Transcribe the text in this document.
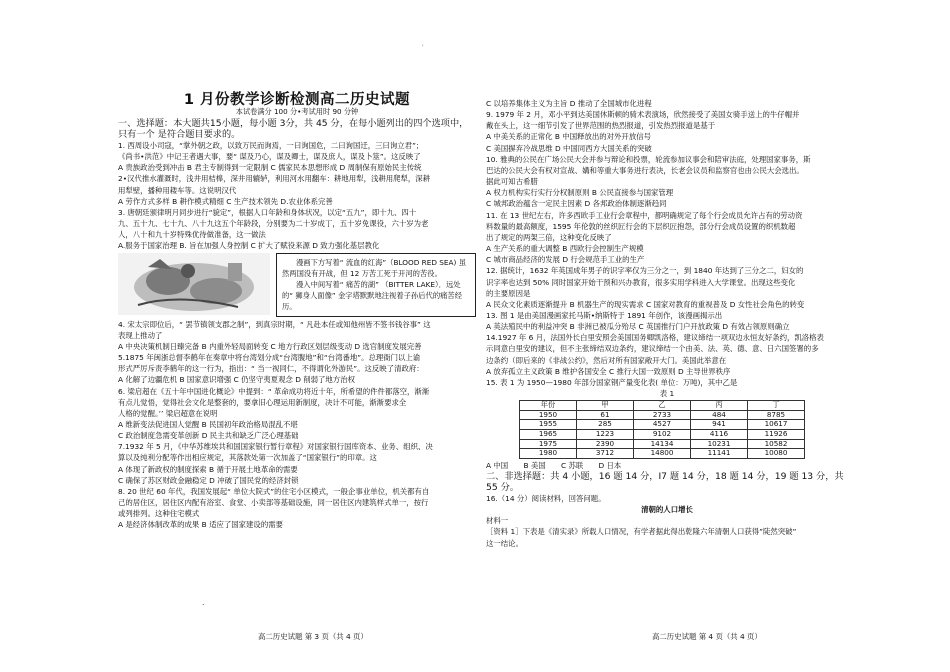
'
1 月份教学诊断检测高二历史试题
本试卷满分 100 分•考试用时 90 分钟

一、选择题：本大题共15小题，每小题 3分，共 45 分，在每小题列出的四个选项中，只有一个 是符合题目要求的。

1. 西周设小司寇，“掌外朝之政，以致万民而询焉，一曰询国危，二曰询国迁，三曰询立君”；

《尚书•洪范》中记王者遇大事，要“ 谋及乃心，谋及卿士，谋及庶人，谋及卜筮”。这反映了

A 贵族政治受到冲击 B 君主专制得到一定限制 C 儒家民本思想形成 D 周制保有原始民主传统

2•汉代推水灌溉时，浅井用桔槔，深井用辘轳，利用河水用翻车：耕地用犁，浅耕用爬犁，深耕

用犁壁，播种用耧车等。这说明汉代

A 劳作方式多样 B 耕作模式精细 C 生产技术领先 D.农业体系完善

3. 唐朝廷颁律明月同步进行“貌定”，根据人口年龄和身体状况，以定“五九”，即十九、四十

九、五十九、七十九、八十九这五个年龄段，分别要为二十岁成丁，五十岁免课役，六十岁为老

人，八十和九十岁特殊优待做准备，这一做法

A.服务于国家治理 B. 旨在加强人身控制 C 扩大了赋役来源 D 致力强化基层教化

漫画下方写着“ 流血的红海”（BLOOD RED SEA) 虽然两国没有开战，但 12 万苦工死于开河的苦役。

漫入中间写着“ 痛苦的湖” （BITTER LAKE）．远处的“ 狮身人面像” 金字塔默默地注视着子孙后代的痛苦经历。

4. 宋太宗即位后，“ 罢节镇领支郡之制”，到真宗时期，“ 凡赴本任或知他州皆不签书钱谷事” 这

表现上推动了

A 中央决策机制日臻完备 B 内重外轻局面转变 C 地方行政区划层级变动 D 选官制度发展完善

5.1875 年闽浙总督李鹤年在奏章中将台湾划分成“台湾腹地”和“台湾番地”。总理衙门以上谕

形式严厉斥责李鹤年的这一行为，指出：“ 当一视同仁，不得谓化外游民”。这反映了清政府：

A 化解了边疆危机 B 国家意识增强 C 仍坚守夷夏观念 D 削弱了地方治权

6. 梁启超在《五十年中国进化概论》中提到：“ 革命成功将近十年，所希望的件件都落空，渐渐

有点儿觉悟，觉得社会文化是整套的，要拿旧心理运用新制度，决计不可能，渐渐要求全

人格的觉醒。’’ 梁启超意在说明

A 维新变法促进国人觉醒 B 民国初年政治格局混乱不堪

C 政治制度急需变革创新 D 民主共和缺乏广泛心理基础

7.1932 年 5 月，《中华苏维埃共和国国家银行暂行章程》对国家银行国库资本、业务、组织、决

算以及纯利分配等作出相应规定，其落款处第一次加盖了“国家银行”的印章。这

A 体现了新政权的制度探索 B 循于开展土地革命的需要

C 确保了苏区财政金融稳定 D 冲破了国民党的经济封锁

8. 20 世纪 60 年代，我国发展起“ 单位大院式”的住宅小区模式，一般企事业单位，机关都有自

己的居住区，居住区内配有浴室、食堂、小卖部等基础设施，同一居住区内建筑样式单一，按行

或列排列。这种住宅模式

A 是经济体制改革的成果 B 适应了国家建设的需要

C 以培养集体主义为主旨 D 推动了全国城市化进程

9. 1979 年 2 月，邓小平到达美国休斯顿的骑术表演场，欣然接受了美国女骑手送上的牛仔帽并

戴在头上，这一细节引发了世界范围的热烈报道，引发热烈报道是基于

A 中美关系的正常化 B 中国释放出的对外开放信号

C 美国摒弃冷战思维 D 中国同西方大国关系的突破

10. 雅典的公民在广场公民大会并参与辩论和投票，轮流参加议事会和陪审法庭，处理国家事务，斯

巴达的公民大会有权对宣战、媾和等重大事务进行表决，长老会议员和监察官也由公民大会选出。

据此可知古希腊

A 权力机构实行实行分权制原则 B 公民直接参与国家管理

C 城邦政治蕴含一定民主因素 D 各邦政治体制逐渐趋同

11. 在 13 世纪左右，许多西欧手工业行会章程中，都明确规定了每个行会成员允许占有的劳动资

料数量的最高额度，1595 年伦敦的丝织匠行会的下层织匠抱怨，部分行会成员设置的织机数超

出了规定的两架三倍，这种变化反映了

A 生产关系的重大调整 B 西欧行会控制生产规模

C 城市商品经济的发展 D 行会规范手工业的生产

12. 据统计，1632 年英国成年男子的识字率仅为三分之一，到 1840 年达到了三分之二，妇女的

识字率也达到 50% 同时国家开始干预和兴办教育，很多实用学科进入大学课堂。出现这些变化

的主要原因是

A 民众文化素质逐渐提升 B 机器生产的现实需求 C 国家对教育的重视普及 D 女性社会角色的转变

13. 图 1 是由美国漫画家托马斯•纳斯特于 1891 年创作，该漫画揭示出

A 英法殖民中的利益冲突 B 非洲已被瓜分殆尽 C 英国推行门户开放政策 D 有效占领原则确立

14.1927 年 6 月，法国外长白里安照会美国国务卿凯洛格，建议缔结一项双边永恒友好条约，凯洛格表

示同意白里安的建议，但不主张缔结双边条约，建议缔结一个由美、法、英、德、意、日六国签署的多

边条约（即后来的《非战公约》，然后对所有国家敞开大门。美国此举意在

A 放弃孤立主义政策 B 维护各国安全 C 推行大国一致原则 D 主导世界秩序

15. 表 1 为 1950—1980 年部分国家钢产量变化表( 单位：万吨)，其中乙是

表 1

年份	甲	乙	丙	丁
1950	61	2733	484	8785
1955	285	4527	941	10617
1965	1223	9102	4116	11926
1975	2390	14134	10231	10582
1980	3712	14800	11141	10080
A 中国	B 美国	C 苏联	D 日本

二、非选择题：共 4 小题，16 题 14 分，I7 题 14 分，18 题 14 分，19 题 13 分，共 55 分。

16.（14 分）阅读材料，回答问题。

清朝的人口增长

材料一

［资料 1］下表是《清实录》所载人口情况，有学者据此得出乾隆六年清朝人口获得”陡然突破”

这一结论。

高二历史试题 第 3 页（共 4 页）	高二历史试题 第 4 页（共 4 页）
·
